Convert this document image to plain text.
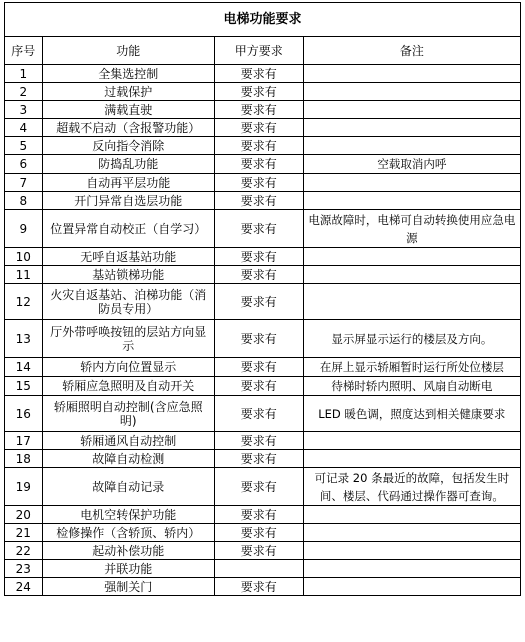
电梯功能要求			
序号	功能	甲方要求	备注
1	全集选控制	要求有	
2	过载保护	要求有	
3	满载直驶	要求有	
4	超载不启动（含报警功能）	要求有	
5	反向指令消除	要求有	
6	防捣乱功能	要求有	空载取消内呼
7	自动再平层功能	要求有	
8	开门异常自选层功能	要求有	
9	位置异常自动校正（自学习）	要求有	电源故障时，电梯可自动转换使用应急电源
10	无呼自返基站功能	要求有	
11	基站锁梯功能	要求有	
12	火灾自返基站、泊梯功能（消防员专用）	要求有	
13	厅外带呼唤按钮的层站方向显示	要求有	显示屏显示运行的楼层及方向。
14	轿内方向位置显示	要求有	在屏上显示轿厢暂时运行所处位楼层
15	轿厢应急照明及自动开关	要求有	待梯时轿内照明、风扇自动断电
16	轿厢照明自动控制(含应急照明)	要求有	LED 暖色调，照度达到相关健康要求
17	轿厢通风自动控制	要求有	
18	故障自动检测	要求有	
19	故障自动记录	要求有	可记录 20 条最近的故障，包括发生时间、楼层、代码通过操作器可查询。
20	电机空转保护功能	要求有	
21	检修操作（含轿顶、轿内）	要求有	
22	起动补偿功能	要求有	
23	并联功能		
24	强制关门	要求有	
